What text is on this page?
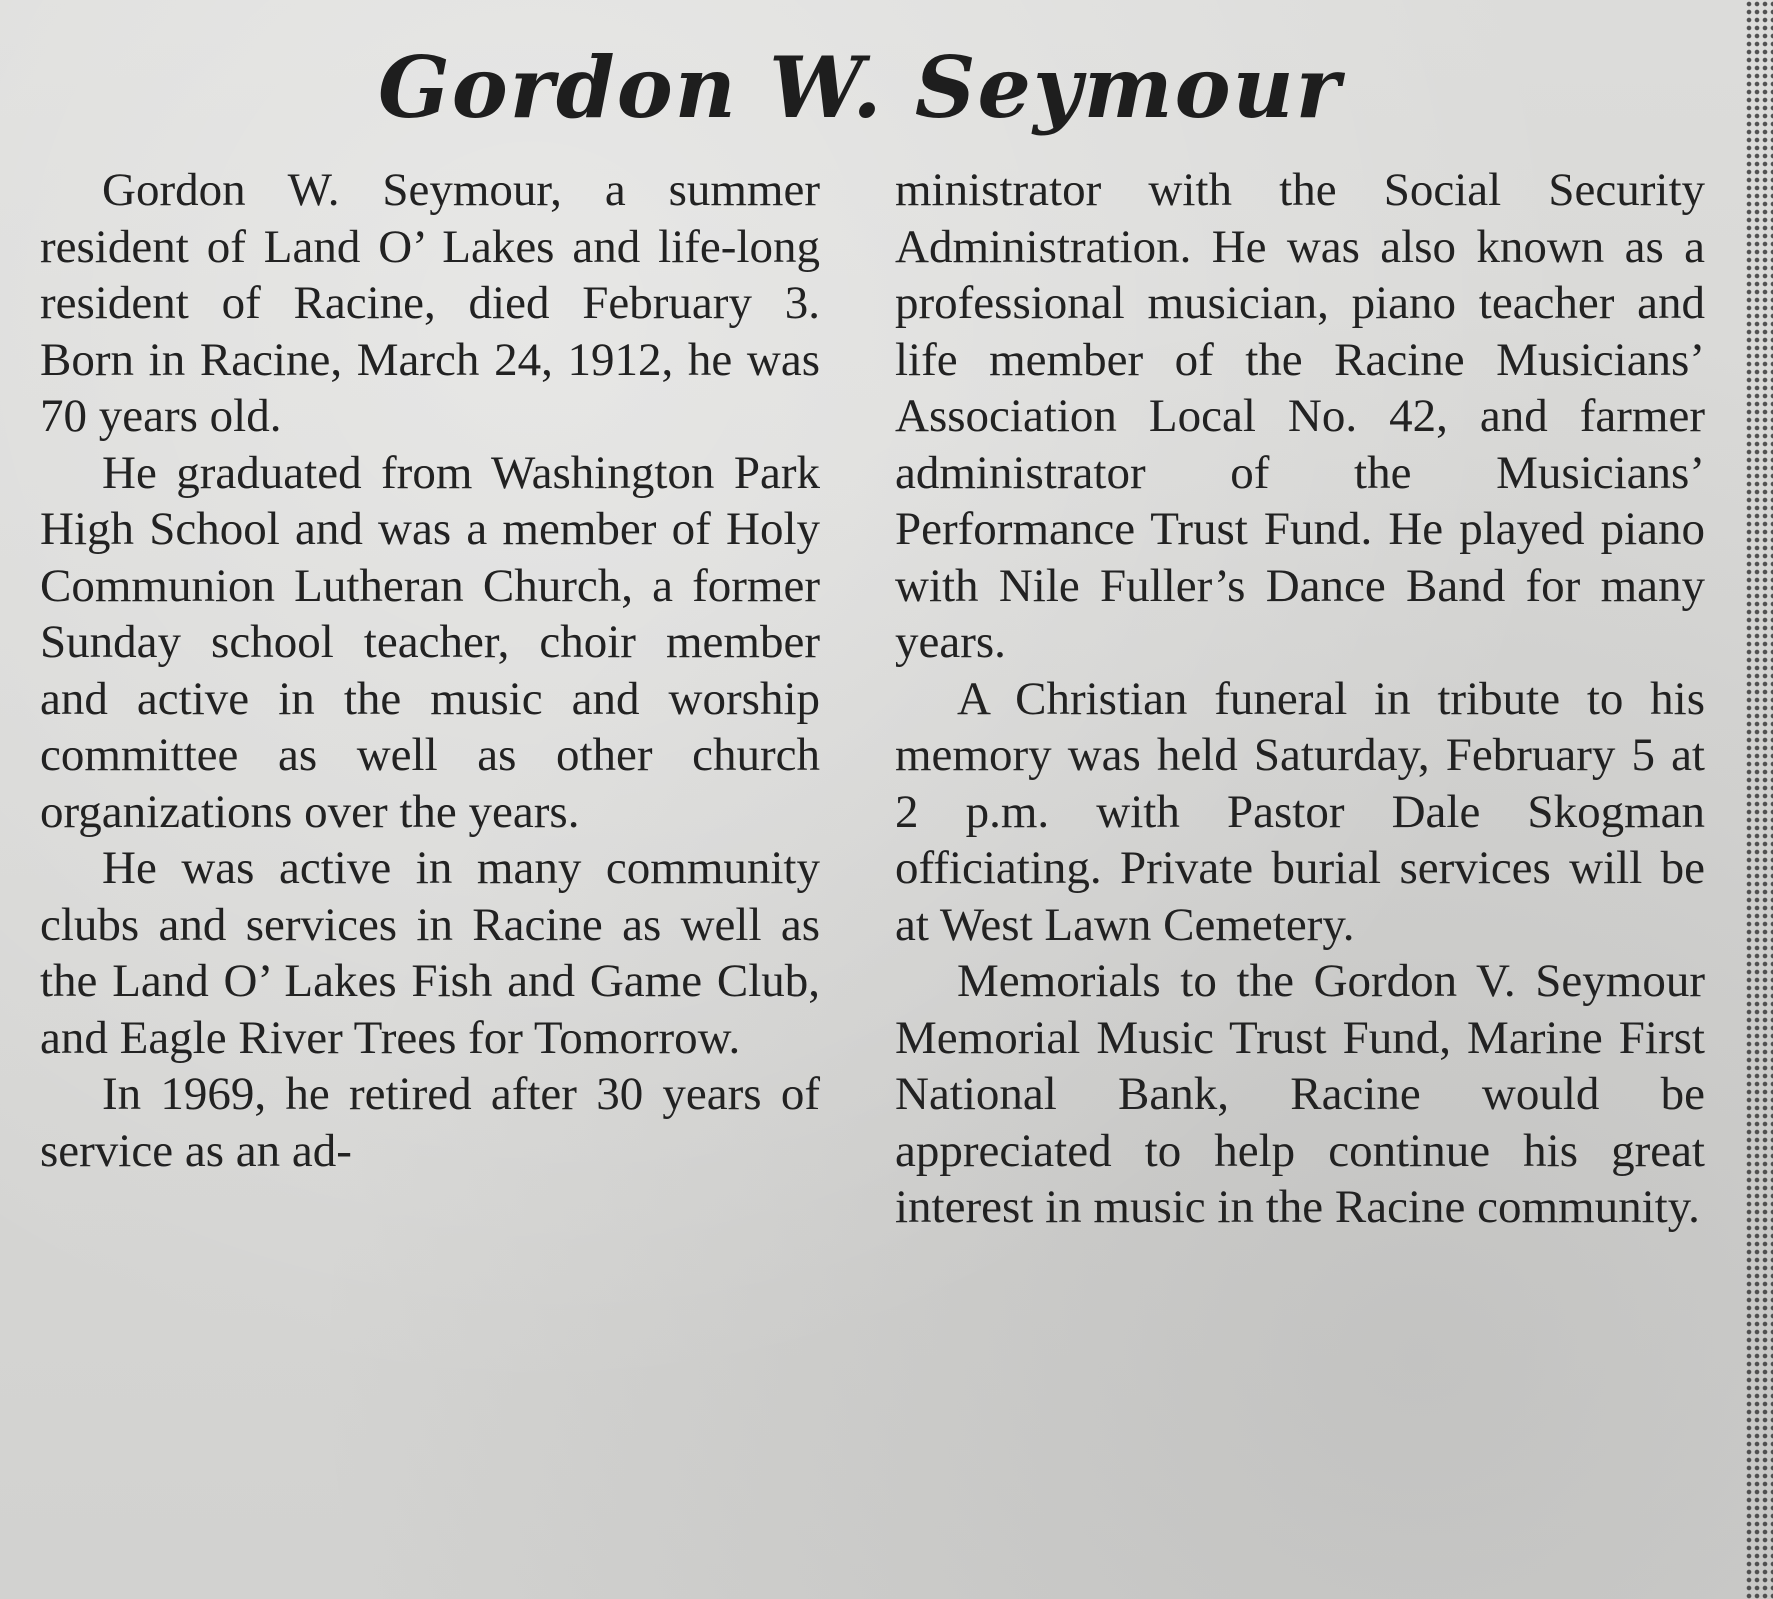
Gordon W. Seymour

Gordon W. Seymour, a summer resident of Land O’ Lakes and life-long resident of Racine, died February 3. Born in Racine, March 24, 1912, he was 70 years old.

He graduated from Washington Park High School and was a member of Holy Communion Lutheran Church, a former Sunday school teacher, choir member and active in the music and worship committee as well as other church organizations over the years.

He was active in many community clubs and services in Racine as well as the Land O’ Lakes Fish and Game Club, and Eagle River Trees for Tomorrow.

In 1969, he retired after 30 years of service as an ad-

ministrator with the Social Security Administration. He was also known as a professional musician, piano teacher and life member of the Racine Musicians’ Association Local No. 42, and farmer administrator of the Musicians’ Performance Trust Fund. He played piano with Nile Fuller’s Dance Band for many years.

A Christian funeral in tribute to his memory was held Saturday, February 5 at 2 p.m. with Pastor Dale Skogman officiating. Private burial services will be at West Lawn Cemetery.

Memorials to the Gordon V. Seymour Memorial Music Trust Fund, Marine First National Bank, Racine would be appreciated to help continue his great interest in music in the Racine community.
